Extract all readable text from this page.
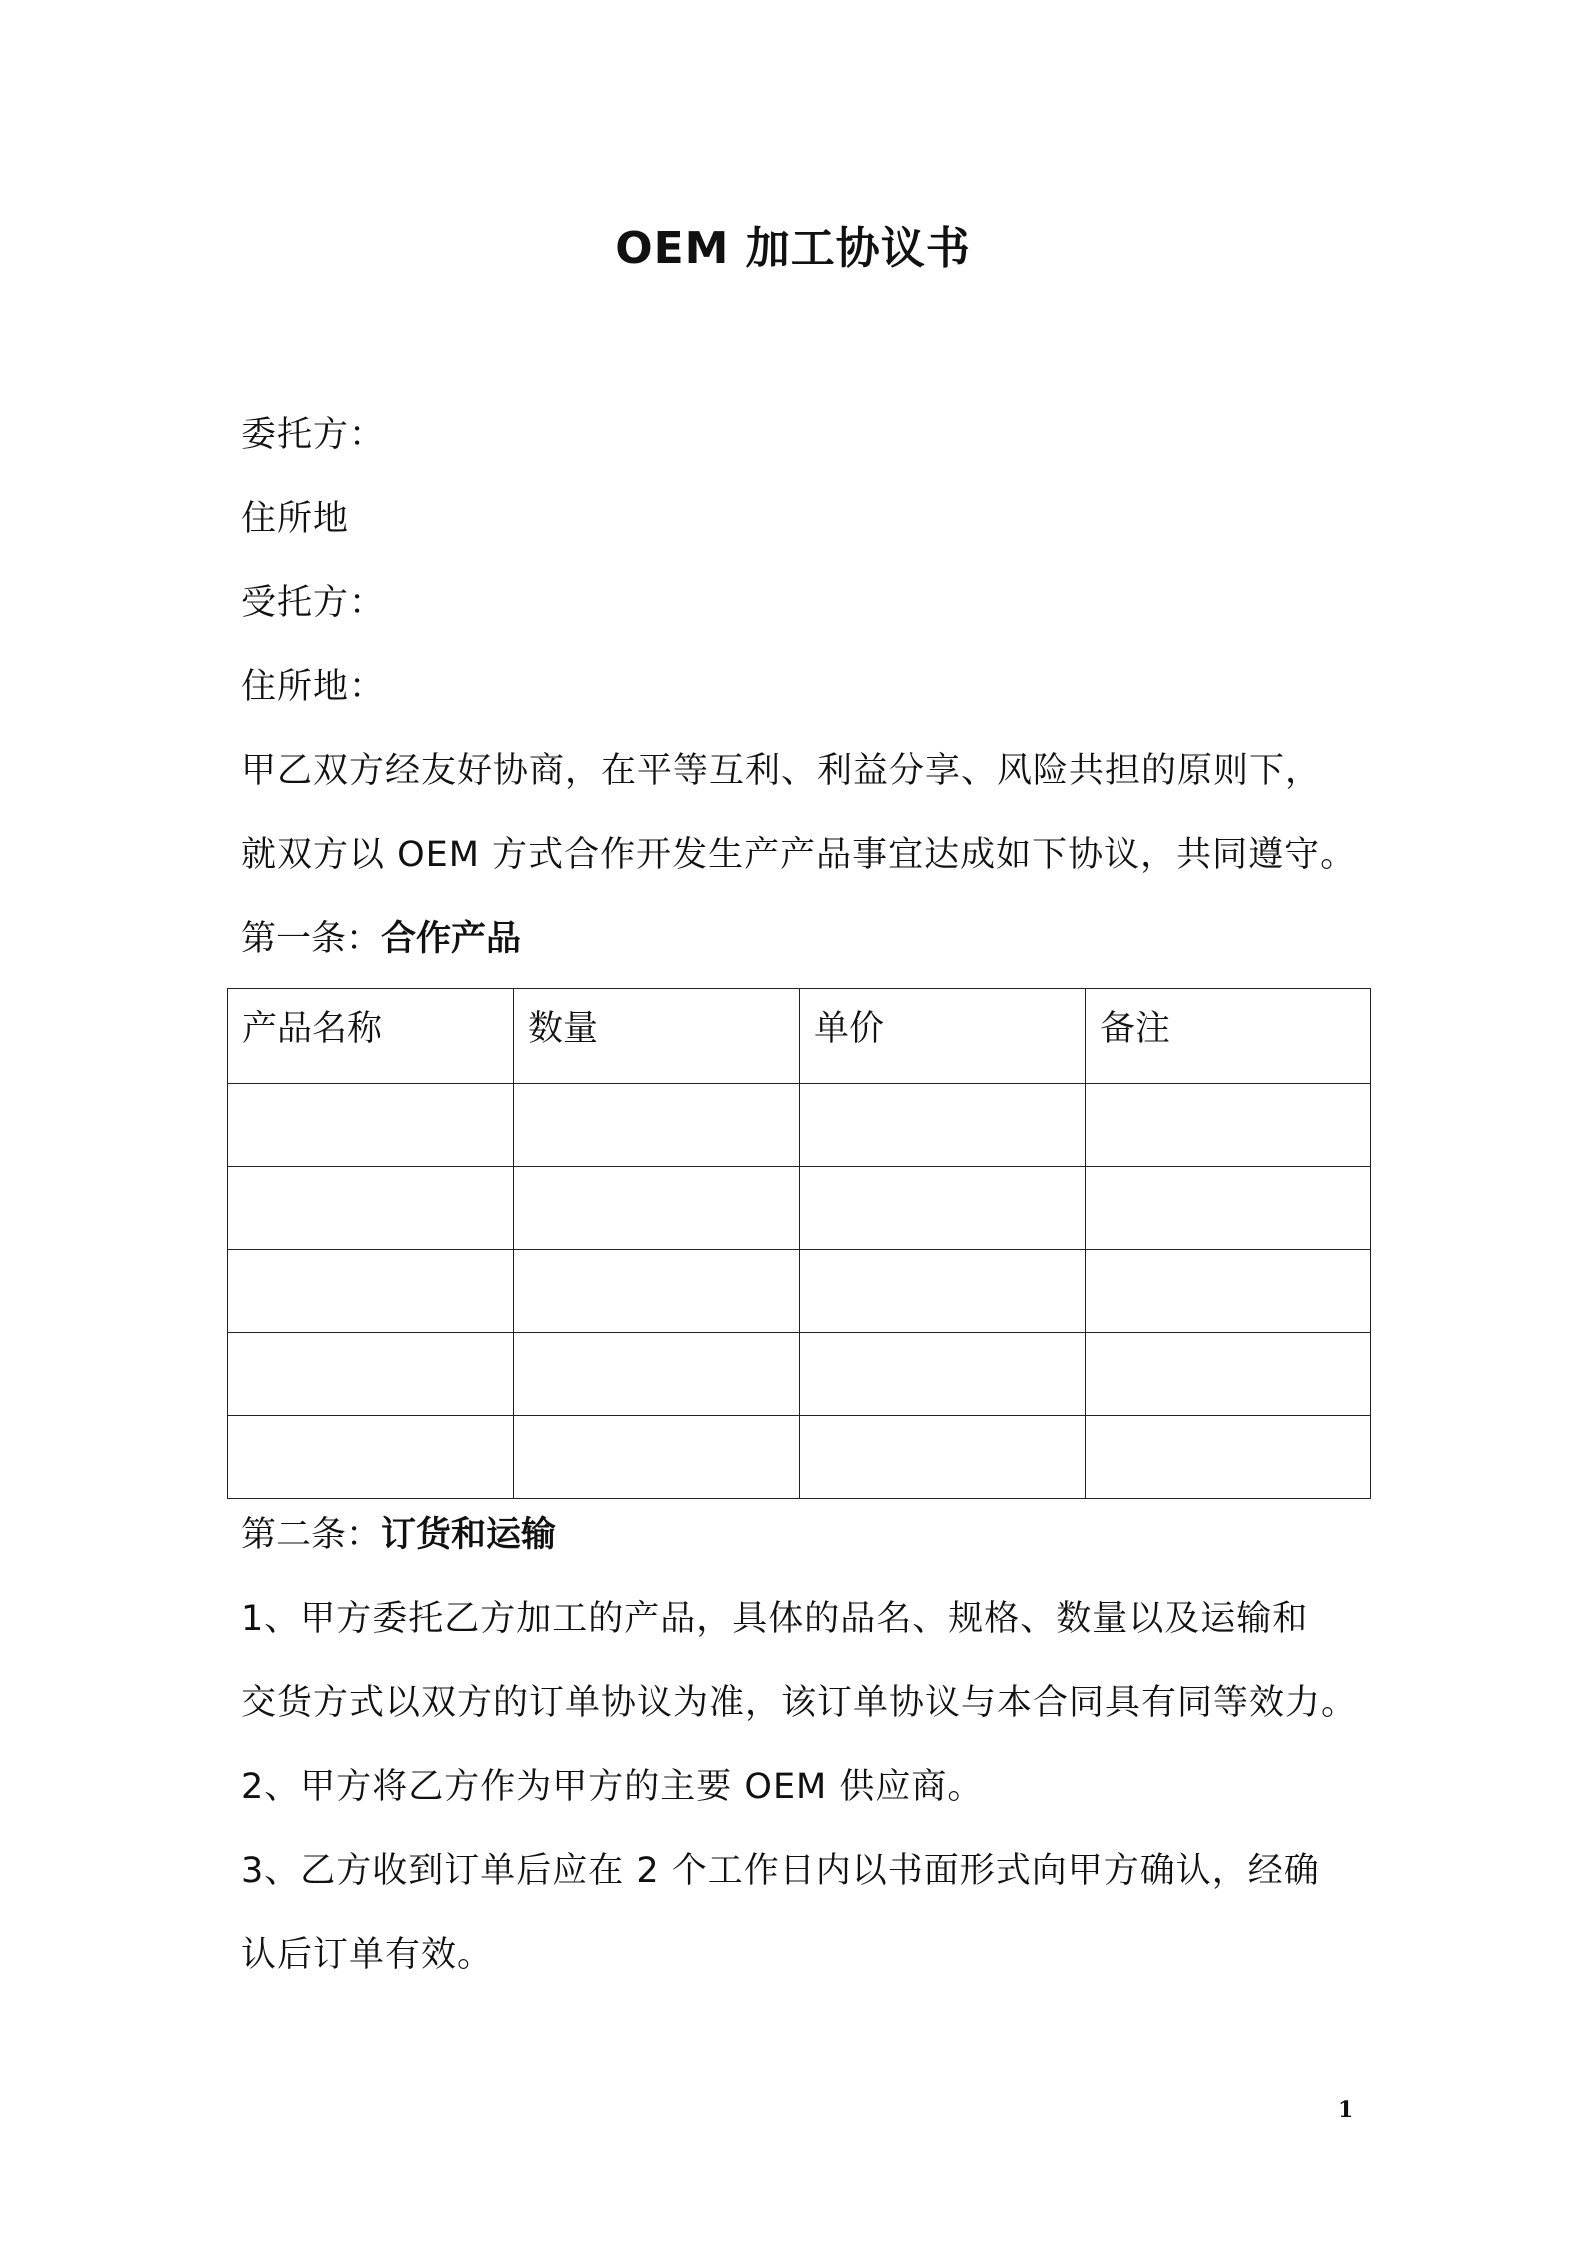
OEM 加工协议书
委托方：
住所地
受托方：
住所地：
甲乙双方经友好协商，在平等互利、利益分享、风险共担的原则下，
就双方以 OEM 方式合作开发生产产品事宜达成如下协议，共同遵守。
第一条：合作产品
产品名称	数量	单价	备注

第二条：订货和运输
1、甲方委托乙方加工的产品，具体的品名、规格、数量以及运输和
交货方式以双方的订单协议为准，该订单协议与本合同具有同等效力。
2、甲方将乙方作为甲方的主要 OEM 供应商。
3、乙方收到订单后应在 2 个工作日内以书面形式向甲方确认，经确
认后订单有效。
1
